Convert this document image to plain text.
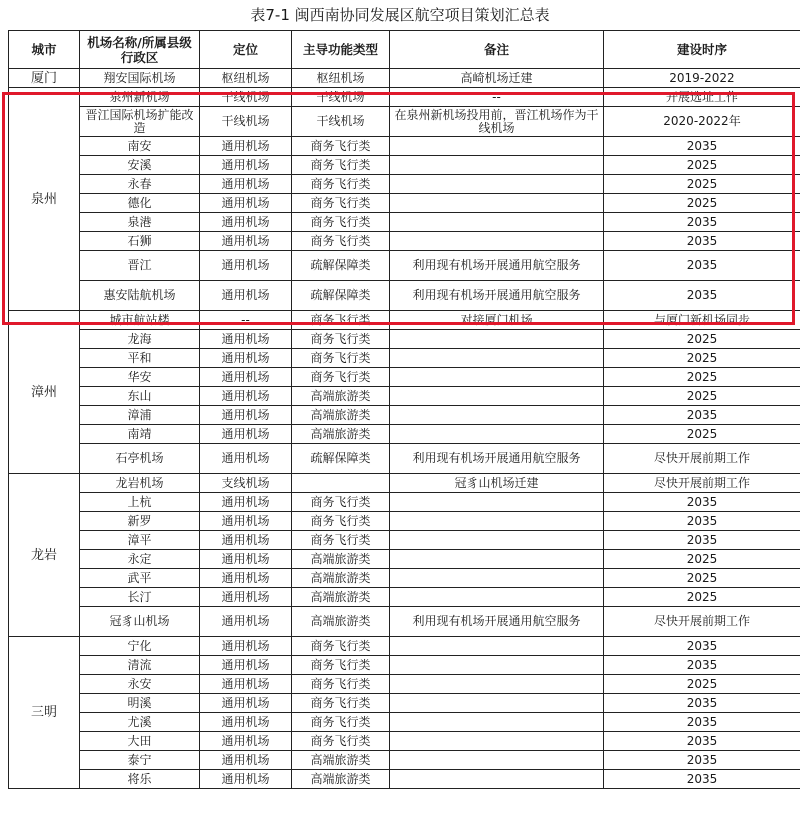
表7-1 闽西南协同发展区航空项目策划汇总表
城市	机场名称/所属县级行政区	定位	主导功能类型	备注	建设时序
厦门	翔安国际机场	枢纽机场	枢纽机场	高崎机场迁建	2019-2022
泉州	泉州新机场	干线机场	干线机场	--	开展选址工作
	晋江国际机场扩能改造	干线机场	干线机场	在泉州新机场投用前，晋江机场作为干线机场	2020-2022年
	南安	通用机场	商务飞行类		2035
	安溪	通用机场	商务飞行类		2025
	永春	通用机场	商务飞行类		2025
	德化	通用机场	商务飞行类		2025
	泉港	通用机场	商务飞行类		2035
	石狮	通用机场	商务飞行类		2035
	晋江	通用机场	疏解保障类	利用现有机场开展通用航空服务	2035
	惠安陆航机场	通用机场	疏解保障类	利用现有机场开展通用航空服务	2035
漳州	城市航站楼	--	商务飞行类	对接厦门机场	与厦门新机场同步
	龙海	通用机场	商务飞行类		2025
	平和	通用机场	商务飞行类		2025
	华安	通用机场	商务飞行类		2025
	东山	通用机场	高端旅游类		2025
	漳浦	通用机场	高端旅游类		2035
	南靖	通用机场	高端旅游类		2025
	石亭机场	通用机场	疏解保障类	利用现有机场开展通用航空服务	尽快开展前期工作
龙岩	龙岩机场	支线机场		冠豸山机场迁建	尽快开展前期工作
	上杭	通用机场	商务飞行类		2035
	新罗	通用机场	商务飞行类		2035
	漳平	通用机场	商务飞行类		2035
	永定	通用机场	高端旅游类		2025
	武平	通用机场	高端旅游类		2025
	长汀	通用机场	高端旅游类		2025
	冠豸山机场	通用机场	高端旅游类	利用现有机场开展通用航空服务	尽快开展前期工作
三明	宁化	通用机场	商务飞行类		2035
	清流	通用机场	商务飞行类		2035
	永安	通用机场	商务飞行类		2025
	明溪	通用机场	商务飞行类		2035
	尤溪	通用机场	商务飞行类		2035
	大田	通用机场	商务飞行类		2035
	泰宁	通用机场	高端旅游类		2035
	将乐	通用机场	高端旅游类		2035
